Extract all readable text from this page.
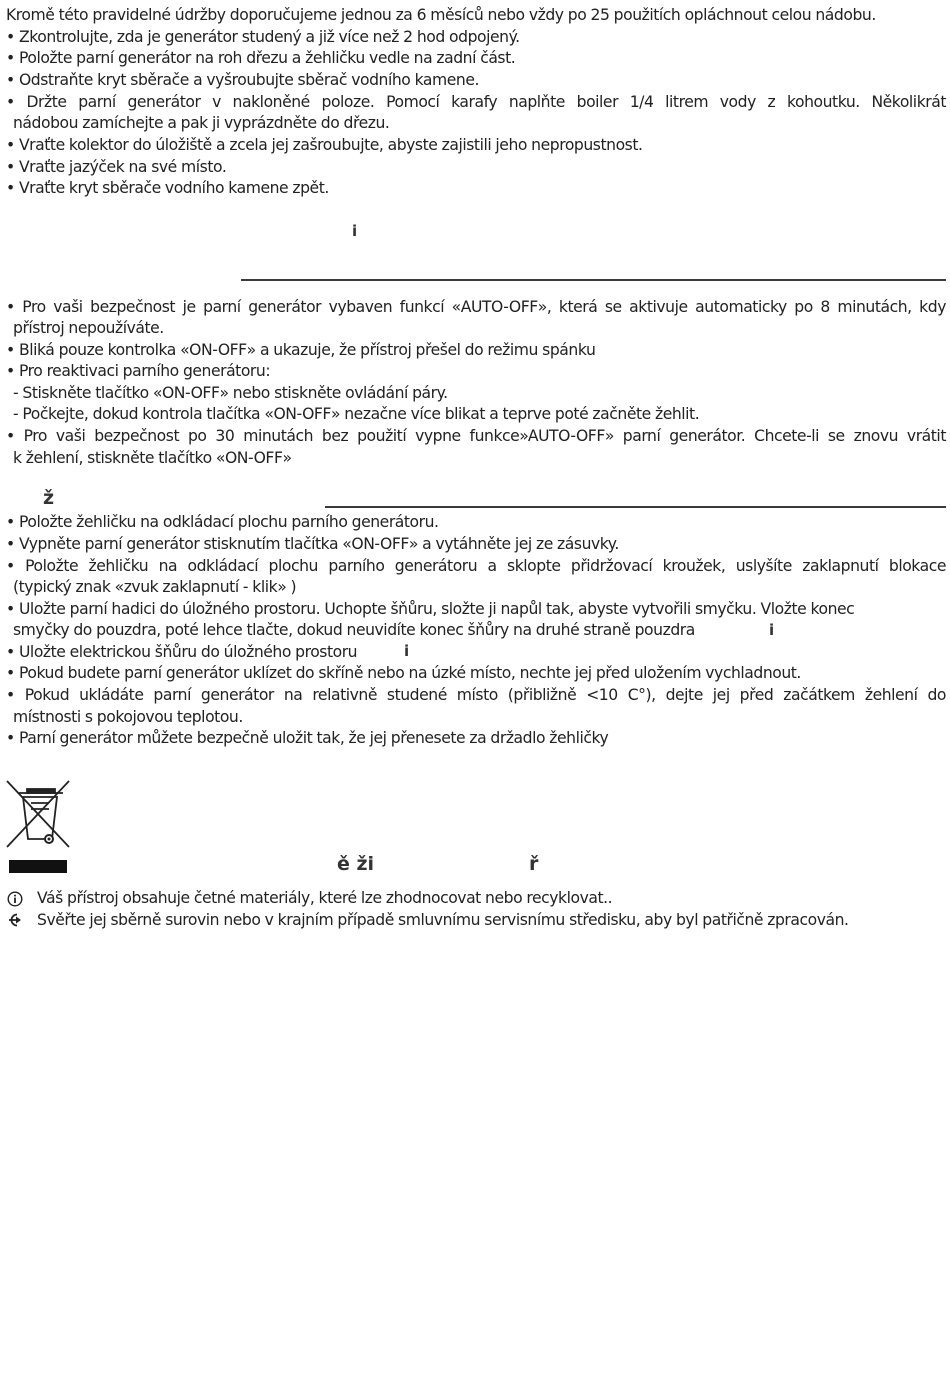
Kromě této pravidelné údržby doporučujeme jednou za 6 měsíců nebo vždy po 25 použitích opláchnout celou nádobu.

• Zkontrolujte, zda je generátor studený a již více než 2 hod odpojený.

• Položte parní generátor na roh dřezu a žehličku vedle na zadní část.

• Odstraňte kryt sběrače a vyšroubujte sběrač vodního kamene.

• Držte parní generátor v nakloněné poloze. Pomocí karafy naplňte boiler 1/4 litrem vody z kohoutku. Několikrát

nádobou zamíchejte a pak ji vyprázdněte do dřezu.

• Vraťte kolektor do úložiště a zcela jej zašroubujte, abyste zajistili jeho nepropustnost.

• Vraťte jazýček na své místo.

• Vraťte kryt sběrače vodního kamene zpět.

i

• Pro vaši bezpečnost je parní generátor vybaven funkcí «AUTO-OFF», která se aktivuje automaticky po 8 minutách, kdy

přístroj nepoužíváte.

• Bliká pouze kontrolka «ON-OFF» a ukazuje, že přístroj přešel do režimu spánku

• Pro reaktivaci parního generátoru:

- Stiskněte tlačítko «ON-OFF» nebo stiskněte ovládání páry.

- Počkejte, dokud kontrola tlačítka «ON-OFF» nezačne více blikat a teprve poté začněte žehlit.

• Pro vaši bezpečnost po 30 minutách bez použití vypne funkce»AUTO-OFF» parní generátor. Chcete-li se znovu vrátit

k žehlení, stiskněte tlačítko «ON-OFF»

ž

• Položte žehličku na odkládací plochu parního generátoru.

• Vypněte parní generátor stisknutím tlačítka «ON-OFF» a vytáhněte jej ze zásuvky.

• Položte žehličku na odkládací plochu parního generátoru a sklopte přidržovací kroužek, uslyšíte zaklapnutí blokace

(typický znak «zvuk zaklapnutí - klik» )

• Uložte parní hadici do úložného prostoru. Uchopte šňůru, složte ji napůl tak, abyste vytvořili smyčku. Vložte konec

smyčky do pouzdra, poté lehce tlačte, dokud neuvidíte konec šňůry na druhé straně pouzdra	i

• Uložte elektrickou šňůru do úložného prostoru	i

• Pokud budete parní generátor uklízet do skříně nebo na úzké místo, nechte jej před uložením vychladnout.

• Pokud ukládáte parní generátor na relativně studené místo (přibližně <10 C°), dejte jej před začátkem žehlení do

místnosti s pokojovou teplotou.

• Parní generátor můžete bezpečně uložit tak, že jej přenesete za držadlo žehličky

ě ži	ř
Váš přístroj obsahuje četné materiály, které lze zhodnocovat nebo recyklovat..
Svěřte jej sběrně surovin nebo v krajním případě smluvnímu servisnímu středisku, aby byl patřičně zpracován.
